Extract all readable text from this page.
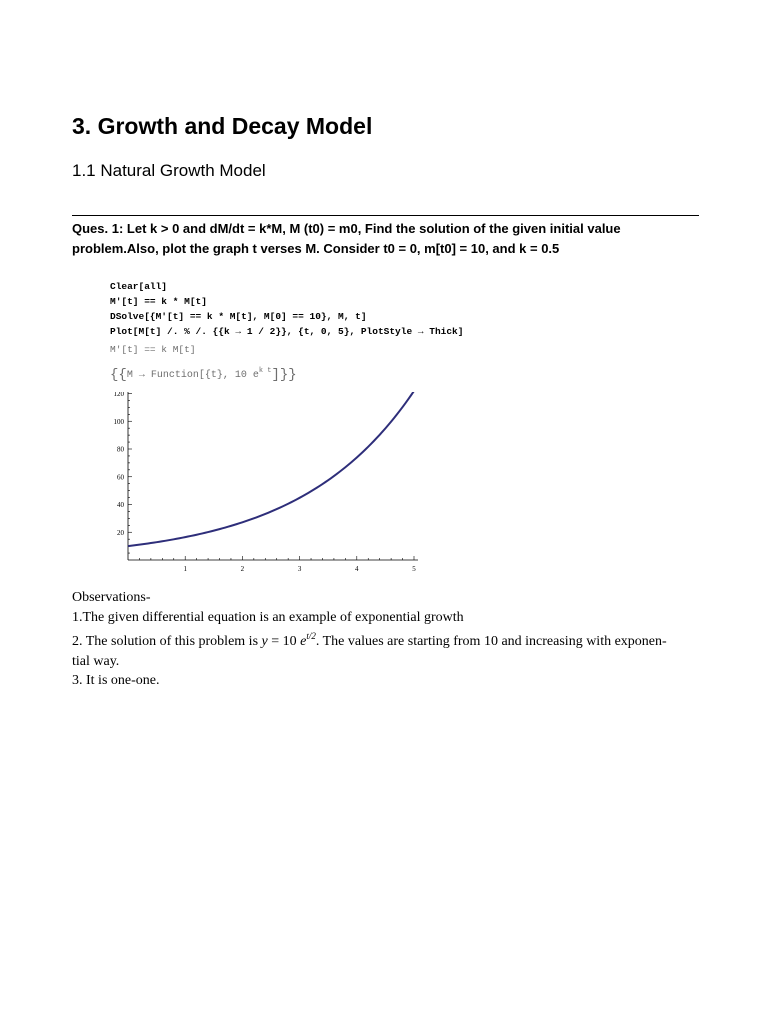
3. Growth and Decay Model
1.1 Natural Growth Model
Ques. 1: Let k > 0 and dM/dt = k*M, M (t0) = m0, Find the solution of the given initial value
problem.Also, plot the graph t verses M. Consider t0 = 0, m[t0] = 10, and k = 0.5
Clear[all]
M'[t] == k * M[t]
DSolve[{M'[t] == k * M[t], M[0] == 10}, M, t]
Plot[M[t] /. % /. {{k → 1 / 2}}, {t, 0, 5}, PlotStyle → Thick]
M′[t] == k M[t]
{{M → Function[{t}, 10 $e^{k t}$]}}
1	2	3	4	5
20
40
60
80
100
120
Observations-
1.The given differential equation is an example of exponential growth
2. The solution of this problem is y = 10 $e^{t/2}$. The values are starting from 10 and increasing with exponen-
tial way.
3. It is one-one.
